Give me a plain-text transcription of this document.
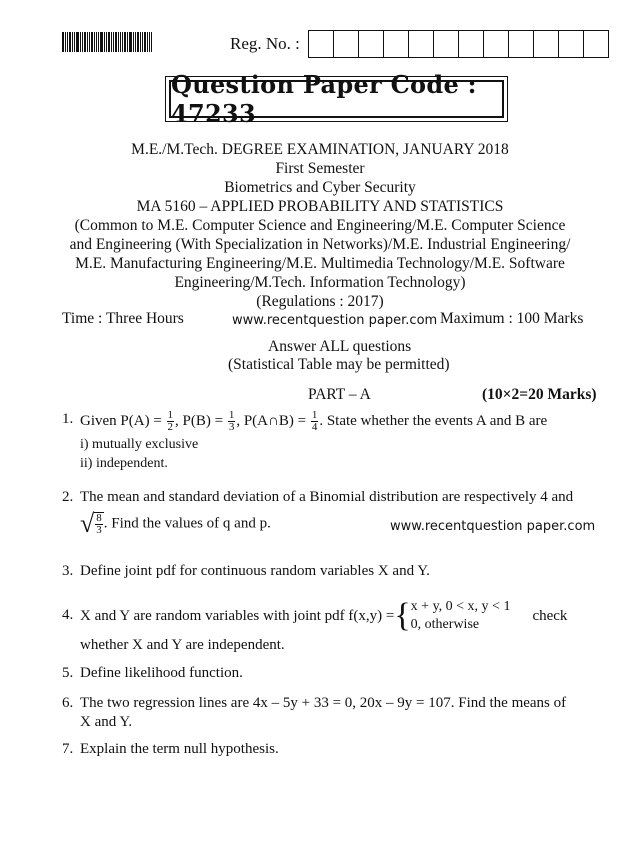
Reg. No. :
Question Paper Code : 47233
M.E./M.Tech. DEGREE EXAMINATION, JANUARY 2018
First Semester
Biometrics and Cyber Security
MA 5160 – APPLIED PROBABILITY AND STATISTICS
(Common to M.E. Computer Science and Engineering/M.E. Computer Science
and Engineering (With Specialization in Networks)/M.E. Industrial Engineering/
M.E. Manufacturing Engineering/M.E. Multimedia Technology/M.E. Software
Engineering/M.Tech. Information Technology)
(Regulations : 2017)
Time : Three Hours	www.recentquestion paper.com Maximum : 100 Marks
Answer ALL questions
(Statistical Table may be permitted)
PART – A	(10×2=20 Marks)
1. Given $P(A) = \frac{1}{2}$ , $P(B) = \frac{1}{3}$ , P(A∩B) = $\frac{1}{4}$ . State whether the events A and B are
i) mutually exclusive
ii) independent.
2. The mean and standard deviation of a Binomial distribution are respectively 4 and
√ $\frac{8}{3}$ . Find the values of q and p.	www.recentquestion paper.com
3. Define joint pdf for continuous random variables X and Y.
4. X and Y are random variables with joint pdf f(x,y) = { x + y, 0 < x, y < 1
0, otherwise
check
whether X and Y are independent.
5. Define likelihood function.
6. The two regression lines are 4x – 5y + 33 = 0, 20x – 9y = 107. Find the means of
X and Y.
7. Explain the term null hypothesis.
